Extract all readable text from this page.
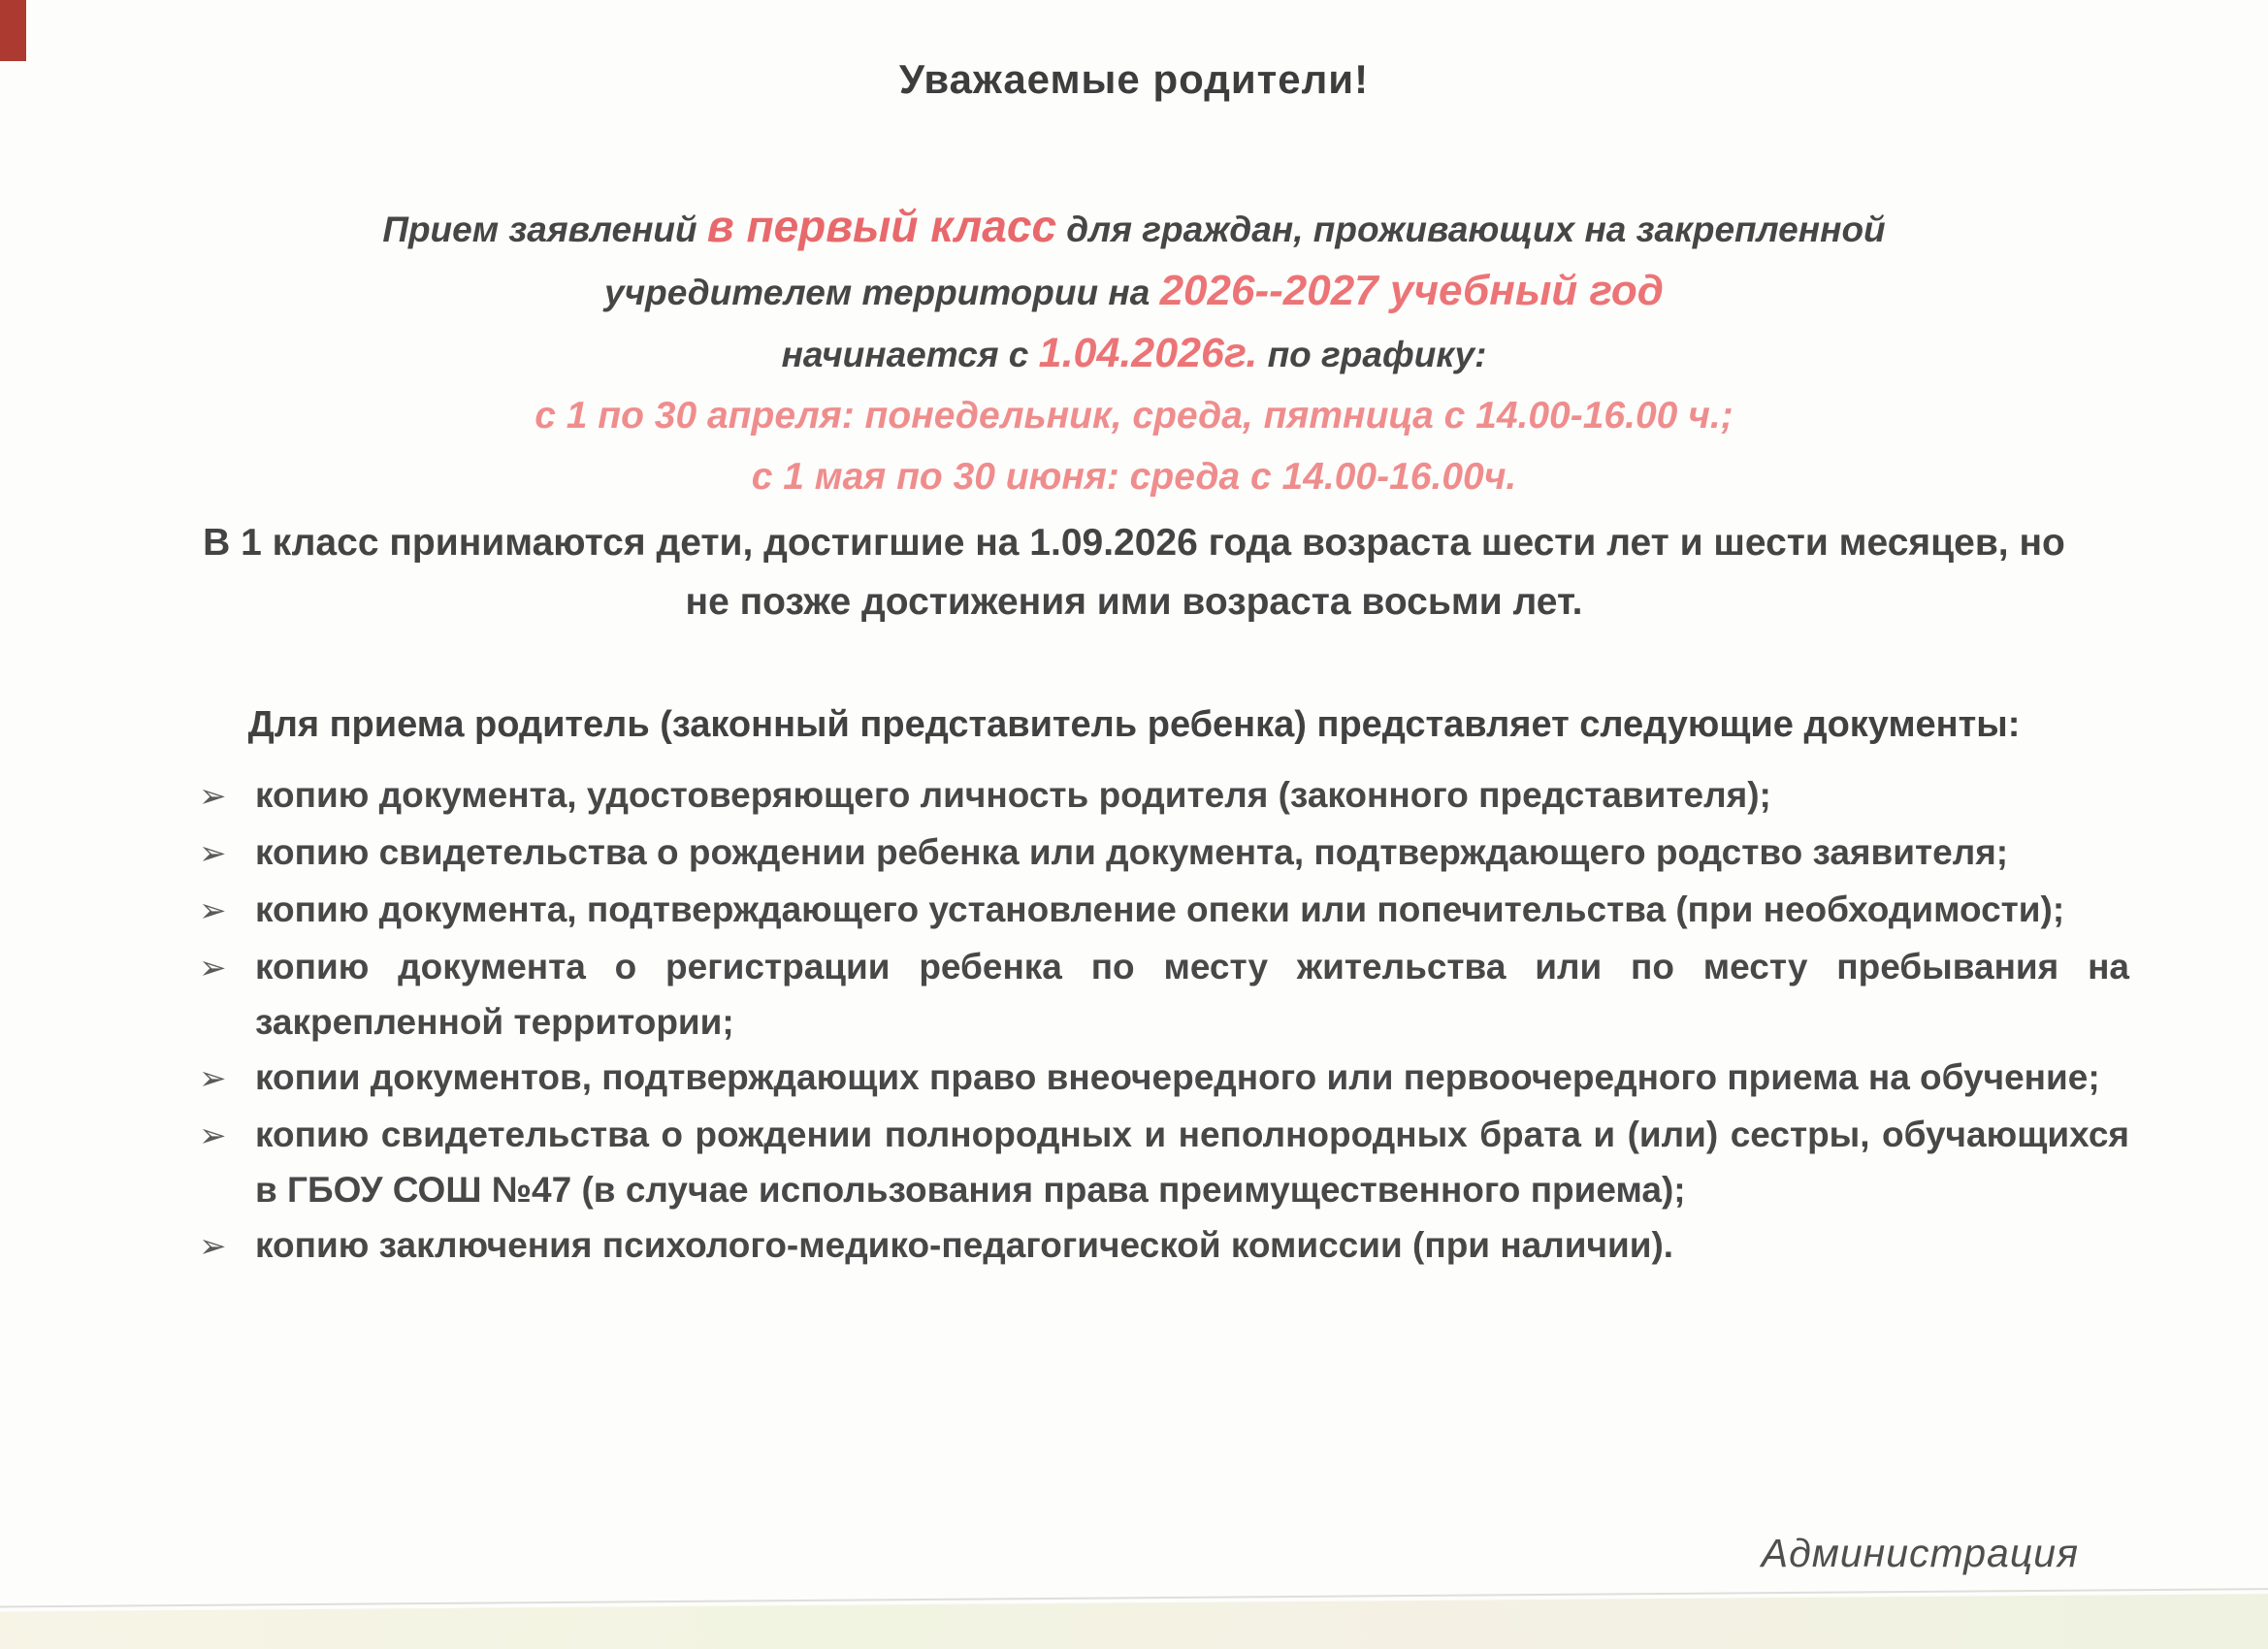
Уважаемые родители!
Прием заявлений в первый класс для граждан, проживающих на закрепленной
учредителем территории на 2026--2027 учебный год
начинается с 1.04.2026г. по графику:
с 1 по 30 апреля: понедельник, среда, пятница с 14.00-16.00 ч.;
с 1 мая по 30 июня: среда с 14.00-16.00ч.
В 1 класс принимаются дети, достигшие на 1.09.2026 года возраста шести лет и шести месяцев, но не позже достижения ими возраста восьми лет.
Для приема родитель (законный представитель ребенка) представляет следующие документы:
➢ копию документа, удостоверяющего личность родителя (законного представителя);
➢ копию свидетельства о рождении ребенка или документа, подтверждающего родство заявителя;
➢ копию документа, подтверждающего установление опеки или попечительства (при необходимости);
➢ копию документа о регистрации ребенка по месту жительства или по месту пребывания на закрепленной территории;
➢ копии документов, подтверждающих право внеочередного или первоочередного приема на обучение;
➢ копию свидетельства о рождении полнородных и неполнородных брата и (или) сестры, обучающихся в ГБОУ СОШ №47 (в случае использования права преимущественного приема);
➢ копию заключения психолого-медико-педагогической комиссии (при наличии).
Администрация
